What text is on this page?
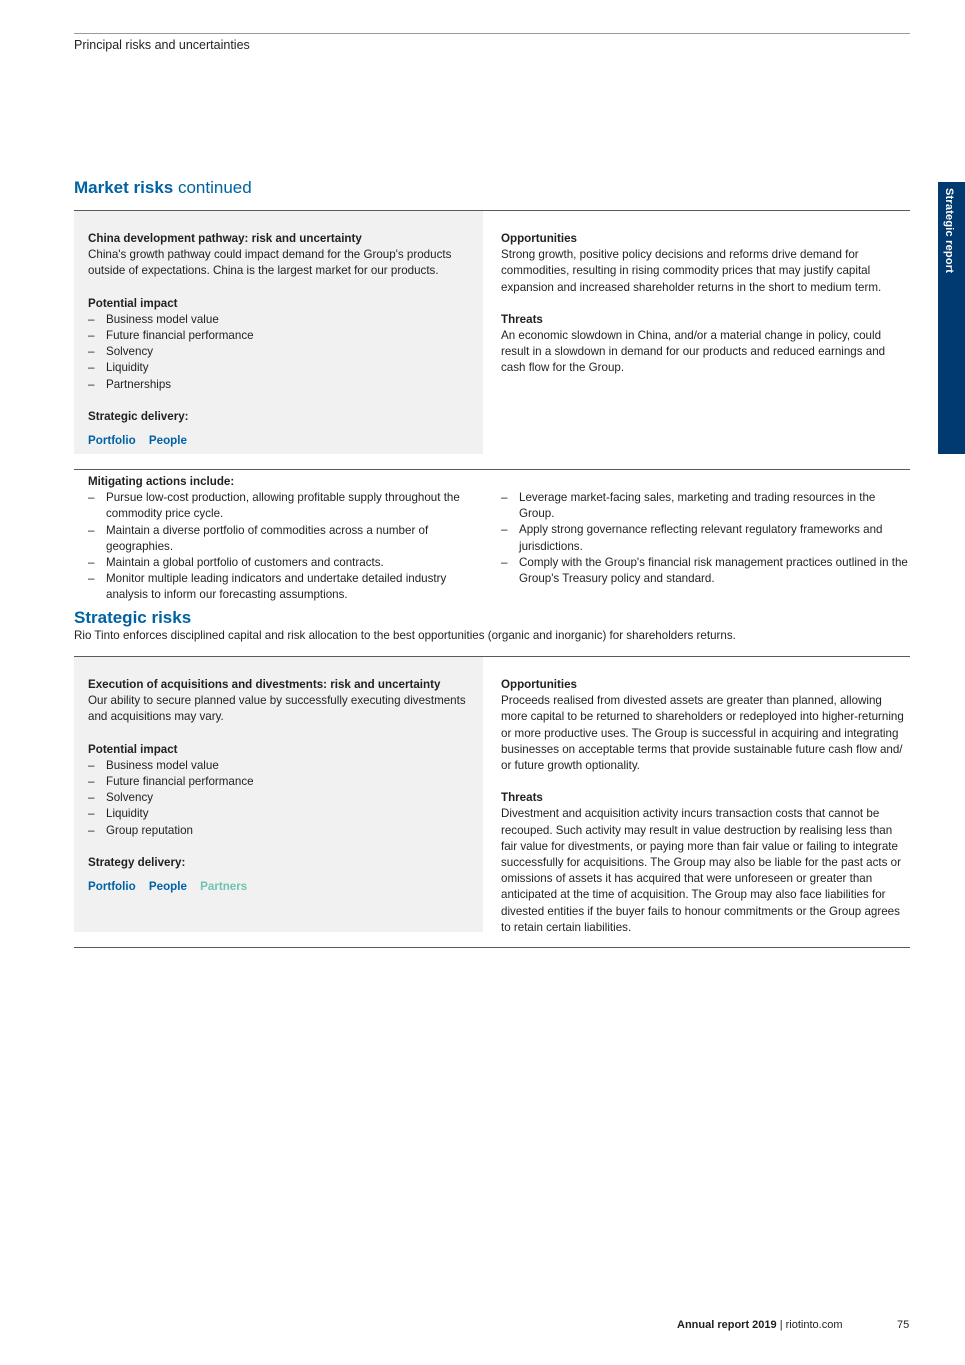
Principal risks and uncertainties
Strategic report
Market risks continued
China development pathway: risk and uncertainty

China's growth pathway could impact demand for the Group's products outside of expectations. China is the largest market for our products.

Potential impact
– Business model value
– Future financial performance
– Solvency
– Liquidity
– Partnerships
Strategic delivery:
Portfolio People
Opportunities

Strong growth, positive policy decisions and reforms drive demand for commodities, resulting in rising commodity prices that may justify capital expansion and increased shareholder returns in the short to medium term.

Threats

An economic slowdown in China, and/or a material change in policy, could result in a slowdown in demand for our products and reduced earnings and cash flow for the Group.

Mitigating actions include:
– Pursue low-cost production, allowing profitable supply throughout the commodity price cycle.
– Maintain a diverse portfolio of commodities across a number of geographies.
– Maintain a global portfolio of customers and contracts.
– Monitor multiple leading indicators and undertake detailed industry analysis to inform our forecasting assumptions.
– Leverage market-facing sales, marketing and trading resources in the Group.
– Apply strong governance reflecting relevant regulatory frameworks and jurisdictions.
– Comply with the Group's financial risk management practices outlined in the Group's Treasury policy and standard.
Strategic risks

Rio Tinto enforces disciplined capital and risk allocation to the best opportunities (organic and inorganic) for shareholders returns.

Execution of acquisitions and divestments: risk and uncertainty

Our ability to secure planned value by successfully executing divestments and acquisitions may vary.

Potential impact
– Business model value
– Future financial performance
– Solvency
– Liquidity
– Group reputation
Strategy delivery:
Portfolio People Partners
Opportunities

Proceeds realised from divested assets are greater than planned, allowing more capital to be returned to shareholders or redeployed into higher-returning or more productive uses. The Group is successful in acquiring and integrating businesses on acceptable terms that provide sustainable future cash flow and/ or future growth optionality.

Threats

Divestment and acquisition activity incurs transaction costs that cannot be recouped. Such activity may result in value destruction by realising less than fair value for divestments, or paying more than fair value or failing to integrate successfully for acquisitions. The Group may also be liable for the past acts or omissions of assets it has acquired that were unforeseen or greater than anticipated at the time of acquisition. The Group may also face liabilities for divested entities if the buyer fails to honour commitments or the Group agrees to retain certain liabilities.

Annual report 2019 | riotinto.com	75
